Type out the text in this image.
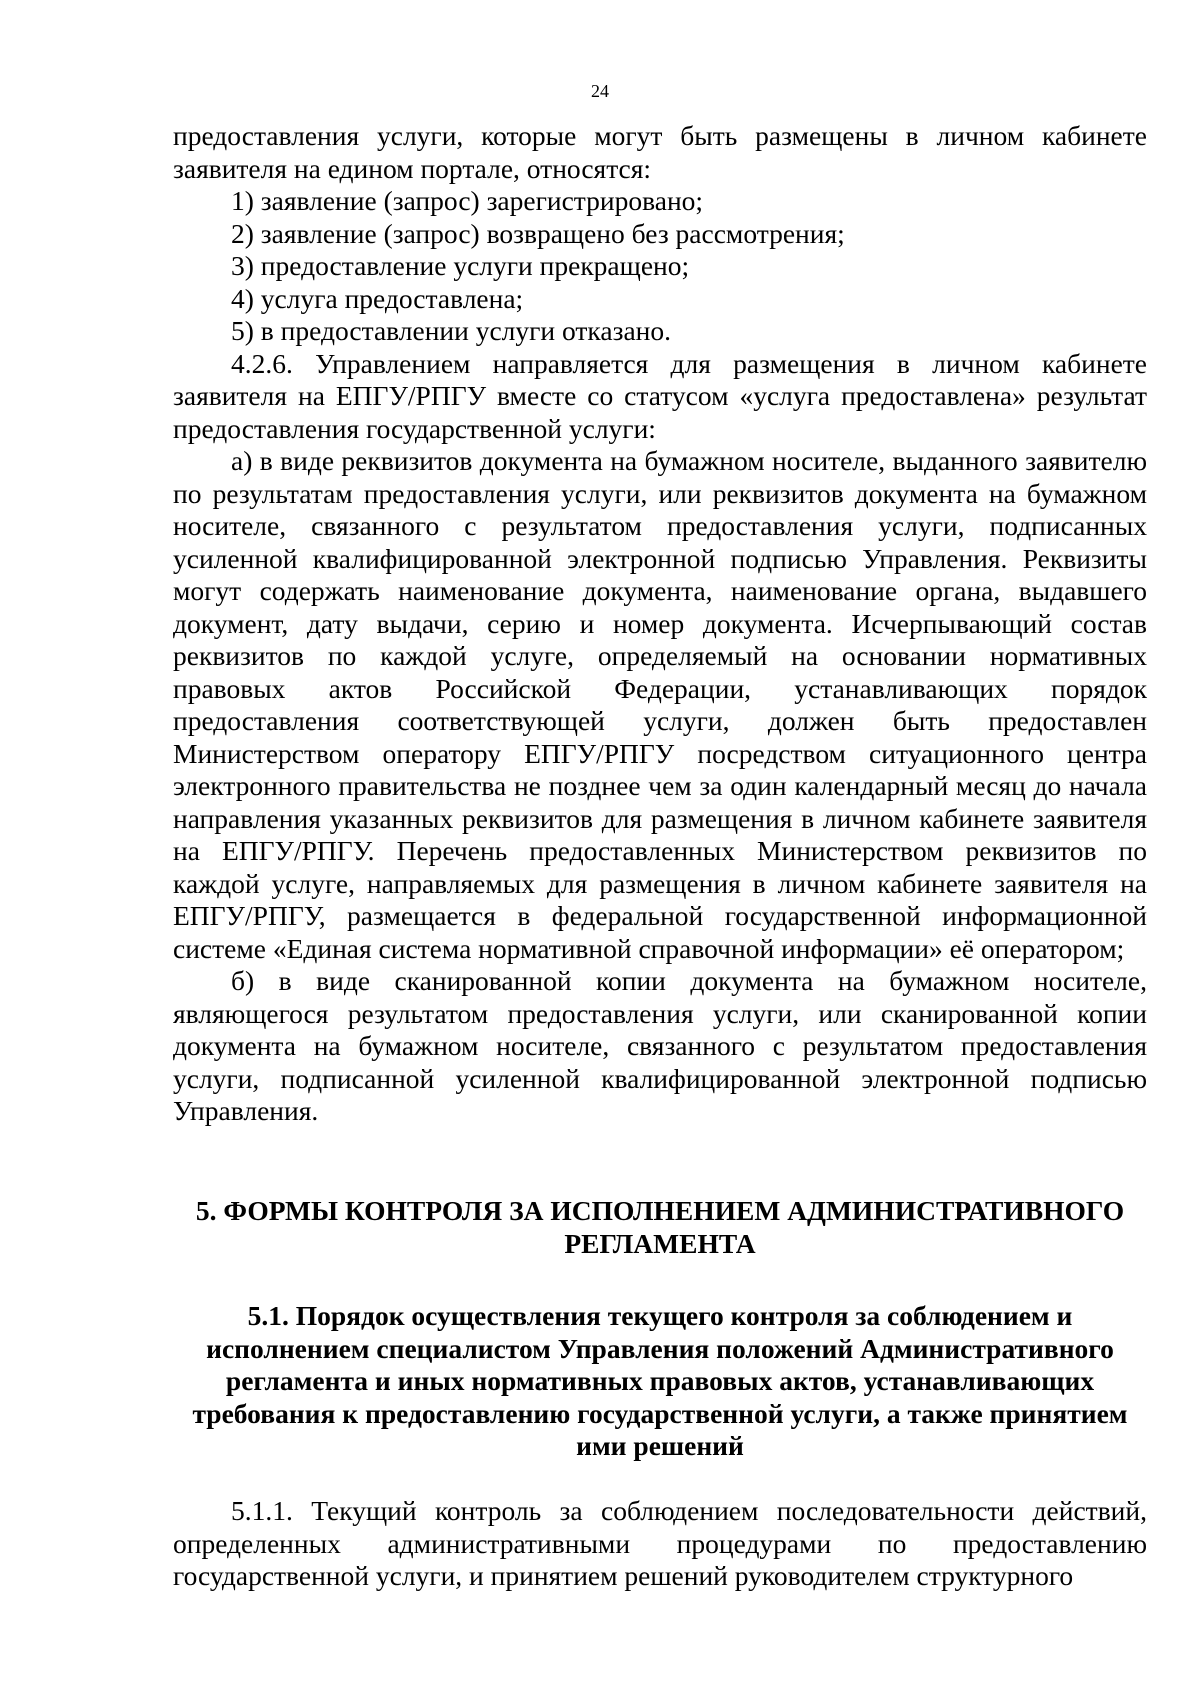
24

предоставления услуги, которые могут быть размещены в личном кабинете заявителя на едином портале, относятся:

1) заявление (запрос) зарегистрировано;

2) заявление (запрос) возвращено без рассмотрения;

3) предоставление услуги прекращено;

4) услуга предоставлена;

5) в предоставлении услуги отказано.

4.2.6. Управлением направляется для размещения в личном кабинете заявителя на ЕПГУ/РПГУ вместе со статусом «услуга предоставлена» результат предоставления государственной услуги:

а) в виде реквизитов документа на бумажном носителе, выданного заявителю по результатам предоставления услуги, или реквизитов документа на бумажном носителе, связанного с результатом предоставления услуги, подписанных усиленной квалифицированной электронной подписью Управления. Реквизиты могут содержать наименование документа, наименование органа, выдавшего документ, дату выдачи, серию и номер документа. Исчерпывающий состав реквизитов по каждой услуге, определяемый на основании нормативных правовых актов Российской Федерации, устанавливающих порядок предоставления соответствующей услуги, должен быть предоставлен Министерством оператору ЕПГУ/РПГУ посредством ситуационного центра электронного правительства не позднее чем за один календарный месяц до начала направления указанных реквизитов для размещения в личном кабинете заявителя на ЕПГУ/РПГУ. Перечень предоставленных Министерством реквизитов по каждой услуге, направляемых для размещения в личном кабинете заявителя на ЕПГУ/РПГУ, размещается в федеральной государственной информационной системе «Единая система нормативной справочной информации» её оператором;

б) в виде сканированной копии документа на бумажном носителе, являющегося результатом предоставления услуги, или сканированной копии документа на бумажном носителе, связанного с результатом предоставления услуги, подписанной усиленной квалифицированной электронной подписью Управления.

5. ФОРМЫ КОНТРОЛЯ ЗА ИСПОЛНЕНИЕМ АДМИНИСТРАТИВНОГО
РЕГЛАМЕНТА

5.1. Порядок осуществления текущего контроля за соблюдением и исполнением специалистом Управления положений Административного регламента и иных нормативных правовых актов, устанавливающих требования к предоставлению государственной услуги, а также принятием ими решений

5.1.1. Текущий контроль за соблюдением последовательности действий, определенных административными процедурами по предоставлению государственной услуги, и принятием решений руководителем структурного
